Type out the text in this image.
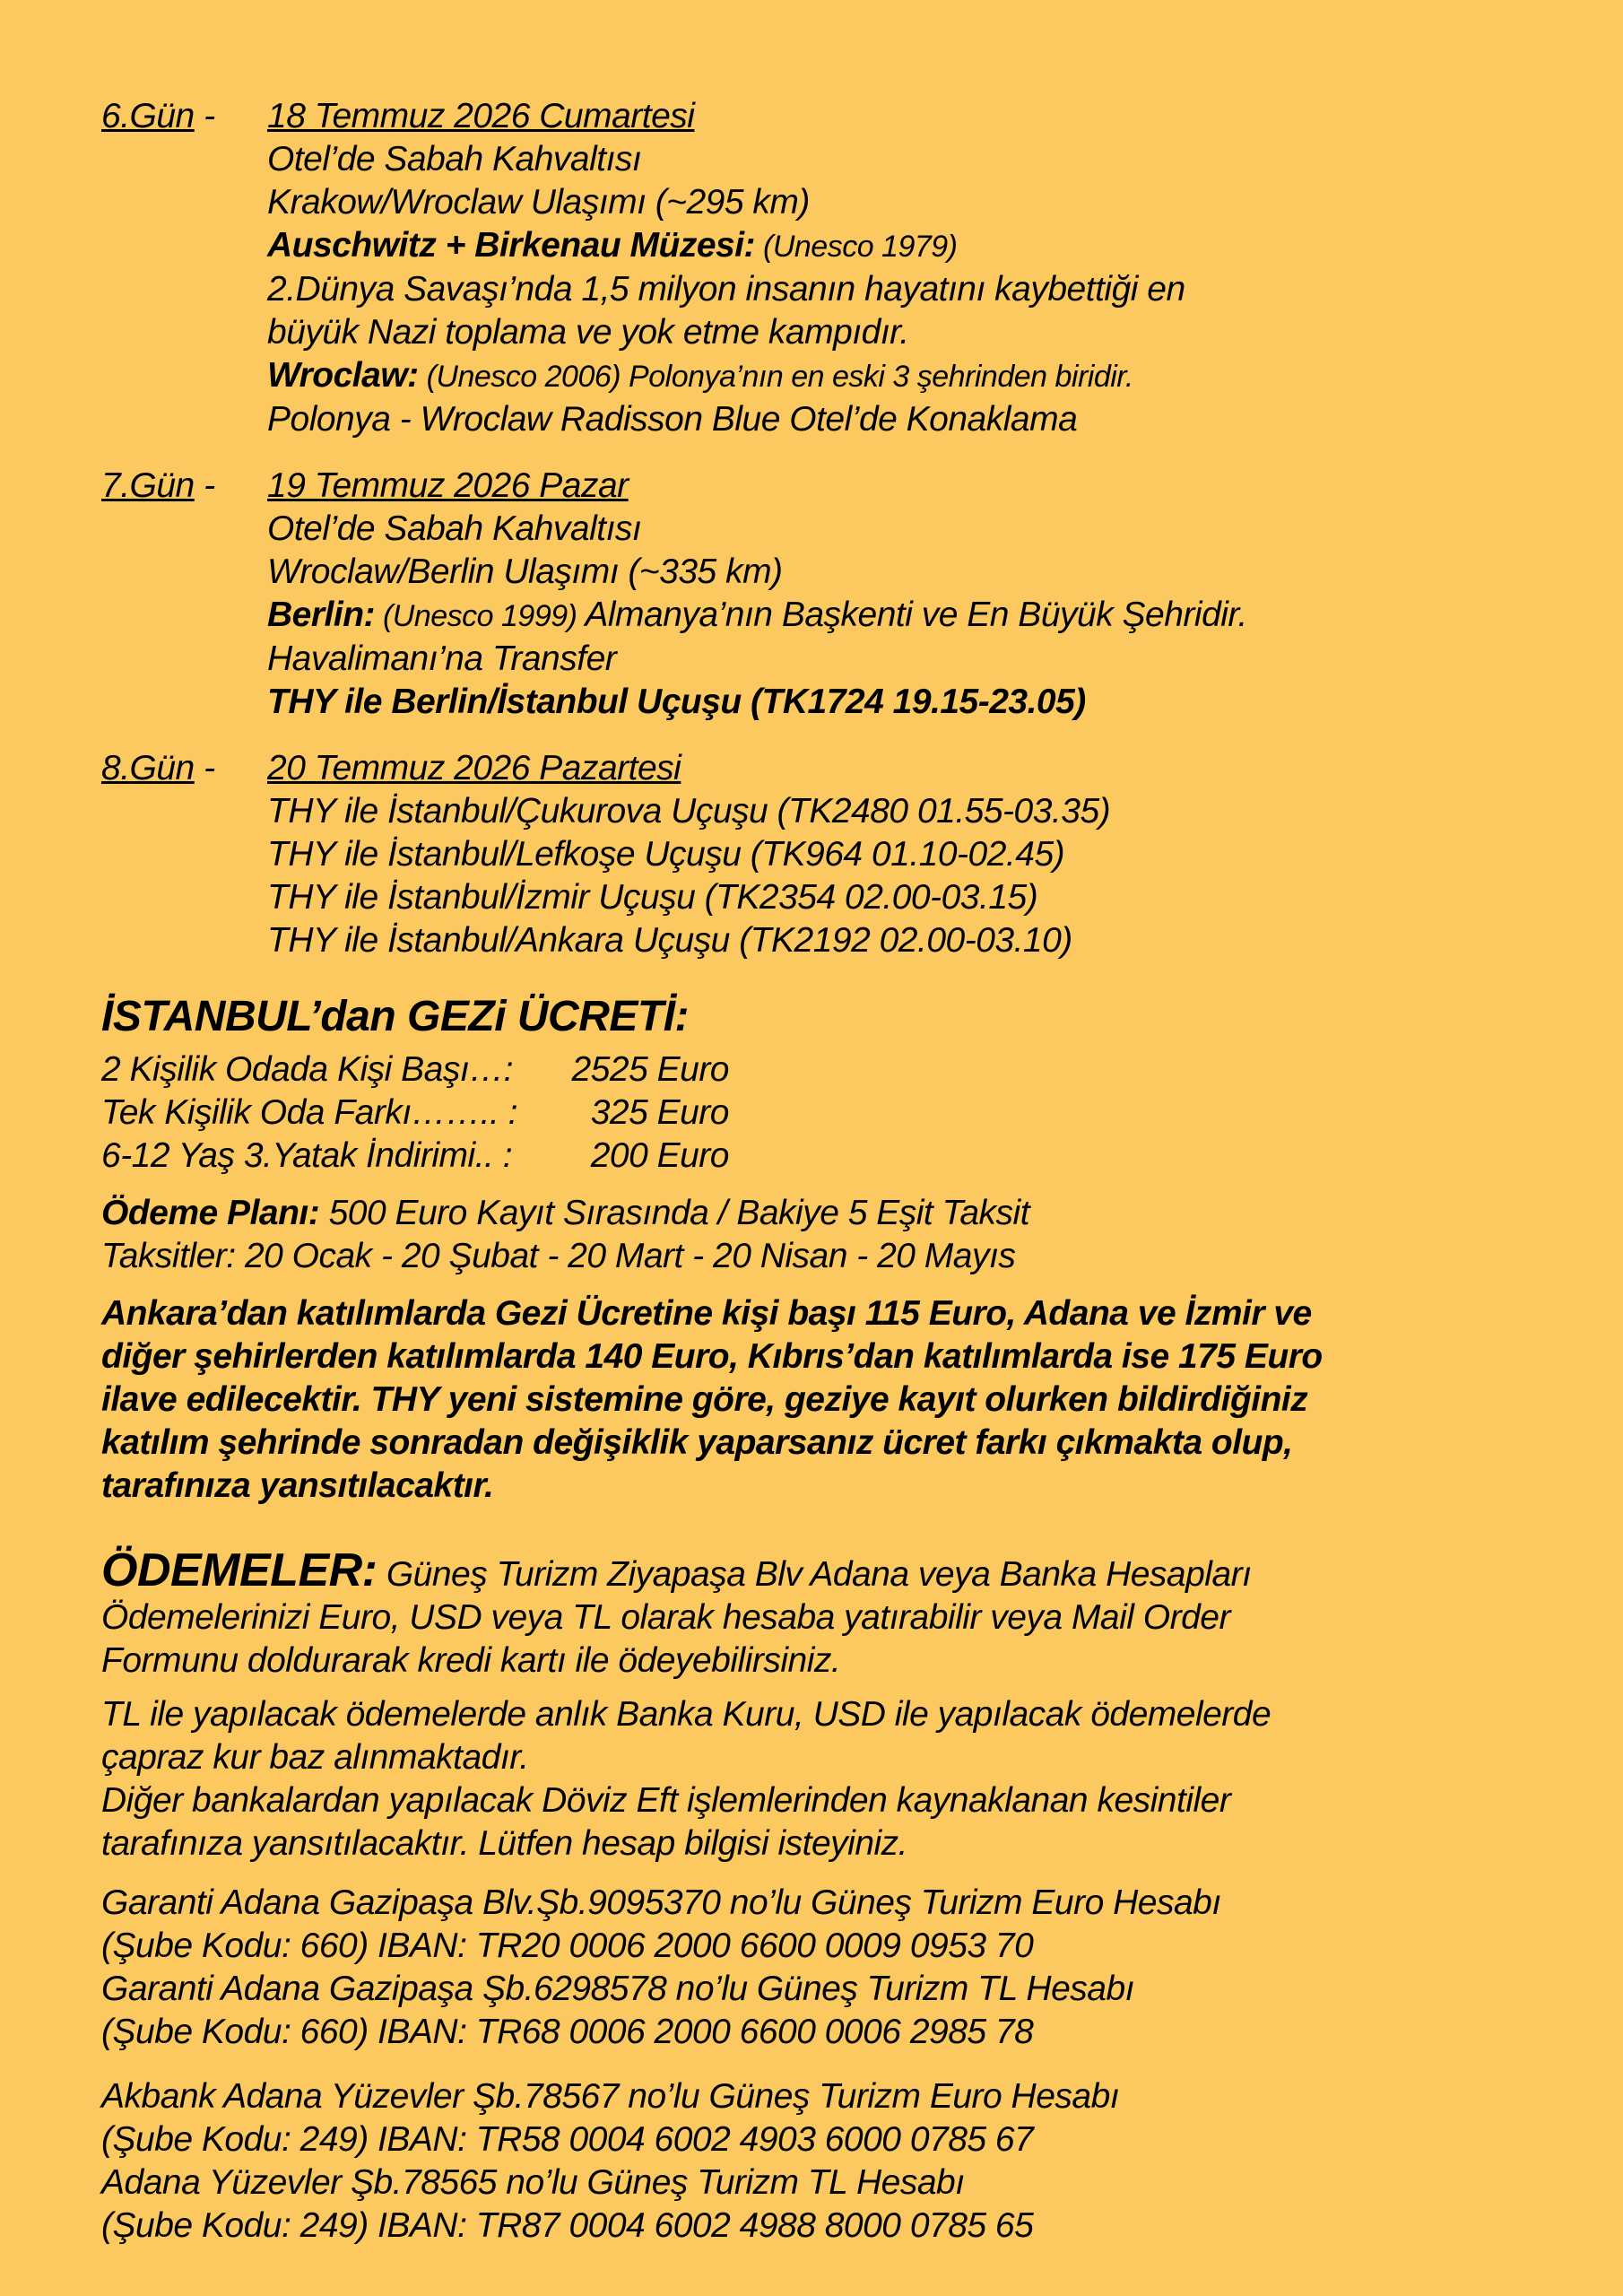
6.Gün -	18 Temmuz 2026 Cumartesi
Otel’de Sabah Kahvaltısı
Krakow/Wroclaw Ulaşımı (~295 km)
Auschwitz + Birkenau Müzesi: (Unesco 1979)
2.Dünya Savaşı’nda 1,5 milyon insanın hayatını kaybettiği en
büyük Nazi toplama ve yok etme kampıdır.
Wroclaw: (Unesco 2006) Polonya’nın en eski 3 şehrinden biridir.
Polonya - Wroclaw Radisson Blue Otel’de Konaklama
7.Gün -	19 Temmuz 2026 Pazar
Otel’de Sabah Kahvaltısı
Wroclaw/Berlin Ulaşımı (~335 km)
Berlin: (Unesco 1999) Almanya’nın Başkenti ve En Büyük Şehridir.
Havalimanı’na Transfer
THY ile Berlin/İstanbul Uçuşu (TK1724 19.15-23.05)
8.Gün -	20 Temmuz 2026 Pazartesi
THY ile İstanbul/Çukurova Uçuşu (TK2480 01.55-03.35)
THY ile İstanbul/Lefkoşe Uçuşu (TK964 01.10-02.45)
THY ile İstanbul/İzmir Uçuşu (TK2354 02.00-03.15)
THY ile İstanbul/Ankara Uçuşu (TK2192 02.00-03.10)
İSTANBUL’dan GEZi ÜCRETİ:
2 Kişilik Odada Kişi Başı…:	2525 Euro
Tek Kişilik Oda Farkı…….. :	325 Euro
6-12 Yaş 3.Yatak İndirimi.. :	200 Euro
Ödeme Planı: 500 Euro Kayıt Sırasında / Bakiye 5 Eşit Taksit
Taksitler: 20 Ocak - 20 Şubat - 20 Mart - 20 Nisan - 20 Mayıs
Ankara’dan katılımlarda Gezi Ücretine kişi başı 115 Euro, Adana ve İzmir ve
diğer şehirlerden katılımlarda 140 Euro, Kıbrıs’dan katılımlarda ise 175 Euro
ilave edilecektir. THY yeni sistemine göre, geziye kayıt olurken bildirdiğiniz
katılım şehrinde sonradan değişiklik yaparsanız ücret farkı çıkmakta olup,
tarafınıza yansıtılacaktır.
ÖDEMELER: Güneş Turizm Ziyapaşa Blv Adana veya Banka Hesapları
Ödemelerinizi Euro, USD veya TL olarak hesaba yatırabilir veya Mail Order
Formunu doldurarak kredi kartı ile ödeyebilirsiniz.
TL ile yapılacak ödemelerde anlık Banka Kuru, USD ile yapılacak ödemelerde
çapraz kur baz alınmaktadır.
Diğer bankalardan yapılacak Döviz Eft işlemlerinden kaynaklanan kesintiler
tarafınıza yansıtılacaktır. Lütfen hesap bilgisi isteyiniz.
Garanti Adana Gazipaşa Blv.Şb.9095370 no’lu Güneş Turizm Euro Hesabı
(Şube Kodu: 660) IBAN: TR20 0006 2000 6600 0009 0953 70
Garanti Adana Gazipaşa Şb.6298578 no’lu Güneş Turizm TL Hesabı
(Şube Kodu: 660) IBAN: TR68 0006 2000 6600 0006 2985 78
Akbank Adana Yüzevler Şb.78567 no’lu Güneş Turizm Euro Hesabı
(Şube Kodu: 249) IBAN: TR58 0004 6002 4903 6000 0785 67
Adana Yüzevler Şb.78565 no’lu Güneş Turizm TL Hesabı
(Şube Kodu: 249) IBAN: TR87 0004 6002 4988 8000 0785 65
